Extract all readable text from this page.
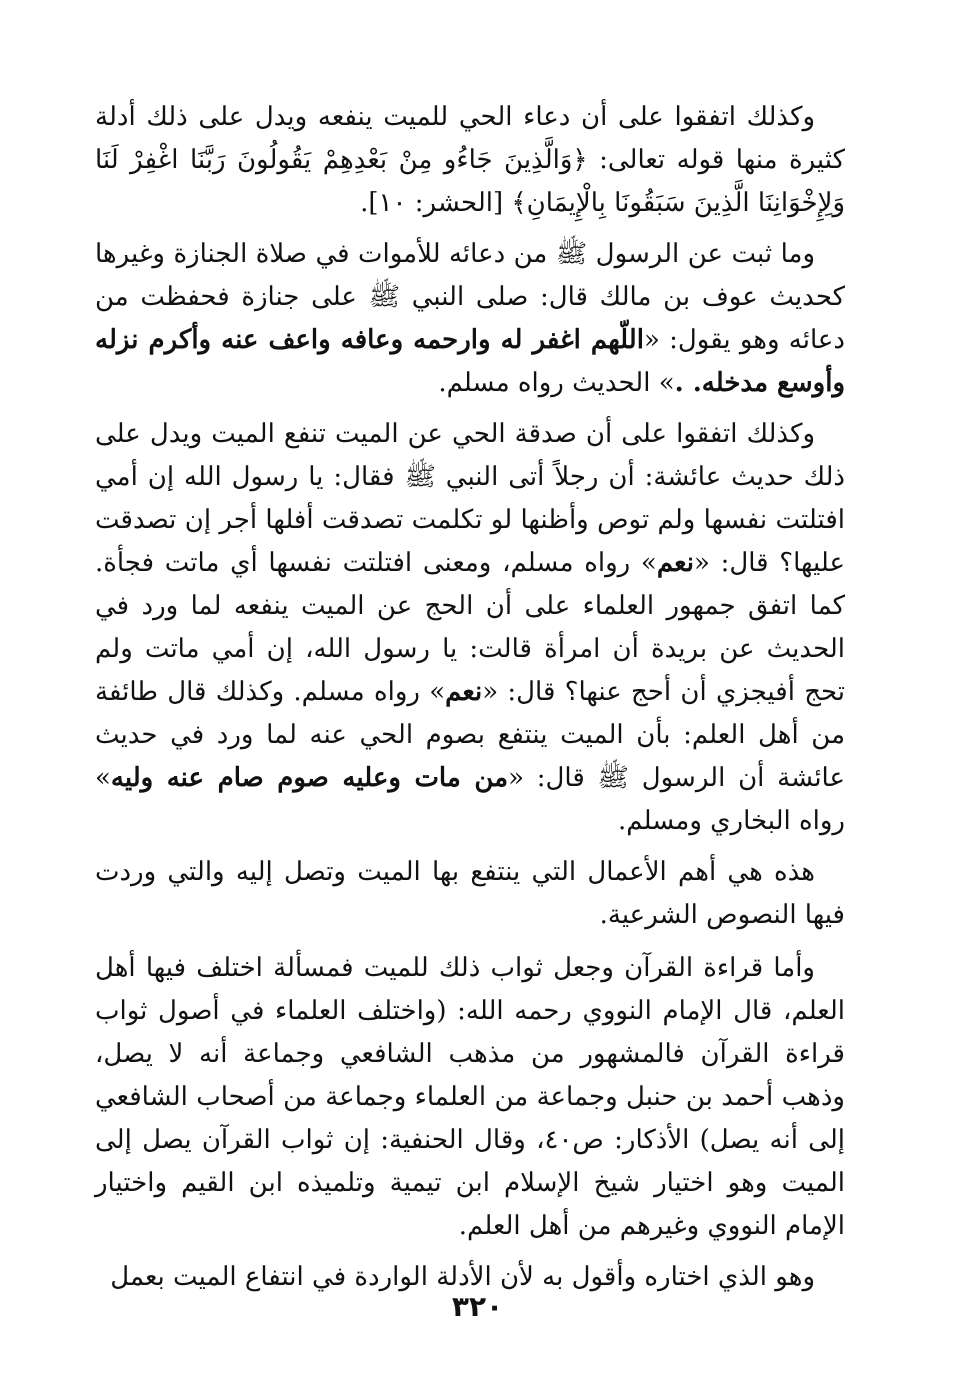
وكذلك اتفقوا على أن دعاء الحي للميت ينفعه ويدل على ذلك أدلة كثيرة منها قوله تعالى: ﴿وَالَّذِينَ جَاءُو مِنْ بَعْدِهِمْ يَقُولُونَ رَبَّنَا اغْفِرْ لَنَا وَلِإِخْوَانِنَا الَّذِينَ سَبَقُونَا بِالْإِيمَانِ﴾ [الحشر: ١٠].

وما ثبت عن الرسول ﷺ من دعائه للأموات في صلاة الجنازة وغيرها كحديث عوف بن مالك قال: صلى النبي ﷺ على جنازة فحفظت من دعائه وهو يقول: «اللّهم اغفر له وارحمه وعافه واعف عنه وأكرم نزله وأوسع مدخله. .» الحديث رواه مسلم.

وكذلك اتفقوا على أن صدقة الحي عن الميت تنفع الميت ويدل على ذلك حديث عائشة: أن رجلاً أتى النبي ﷺ فقال: يا رسول الله إن أمي افتلتت نفسها ولم توص وأظنها لو تكلمت تصدقت أفلها أجر إن تصدقت عليها؟ قال: «نعم» رواه مسلم، ومعنى افتلتت نفسها أي ماتت فجأة. كما اتفق جمهور العلماء على أن الحج عن الميت ينفعه لما ورد في الحديث عن بريدة أن امرأة قالت: يا رسول الله، إن أمي ماتت ولم تحج أفيجزي أن أحج عنها؟ قال: «نعم» رواه مسلم. وكذلك قال طائفة من أهل العلم: بأن الميت ينتفع بصوم الحي عنه لما ورد في حديث عائشة أن الرسول ﷺ قال: «من مات وعليه صوم صام عنه وليه» رواه البخاري ومسلم.

هذه هي أهم الأعمال التي ينتفع بها الميت وتصل إليه والتي وردت فيها النصوص الشرعية.

وأما قراءة القرآن وجعل ثواب ذلك للميت فمسألة اختلف فيها أهل العلم، قال الإمام النووي رحمه الله: (واختلف العلماء في أصول ثواب قراءة القرآن فالمشهور من مذهب الشافعي وجماعة أنه لا يصل، وذهب أحمد بن حنبل وجماعة من العلماء وجماعة من أصحاب الشافعي إلى أنه يصل) الأذكار: ص٤٠، وقال الحنفية: إن ثواب القرآن يصل إلى الميت وهو اختيار شيخ الإسلام ابن تيمية وتلميذه ابن القيم واختيار الإمام النووي وغيرهم من أهل العلم.

وهو الذي اختاره وأقول به لأن الأدلة الواردة في انتفاع الميت بعمل

٣٢٠
